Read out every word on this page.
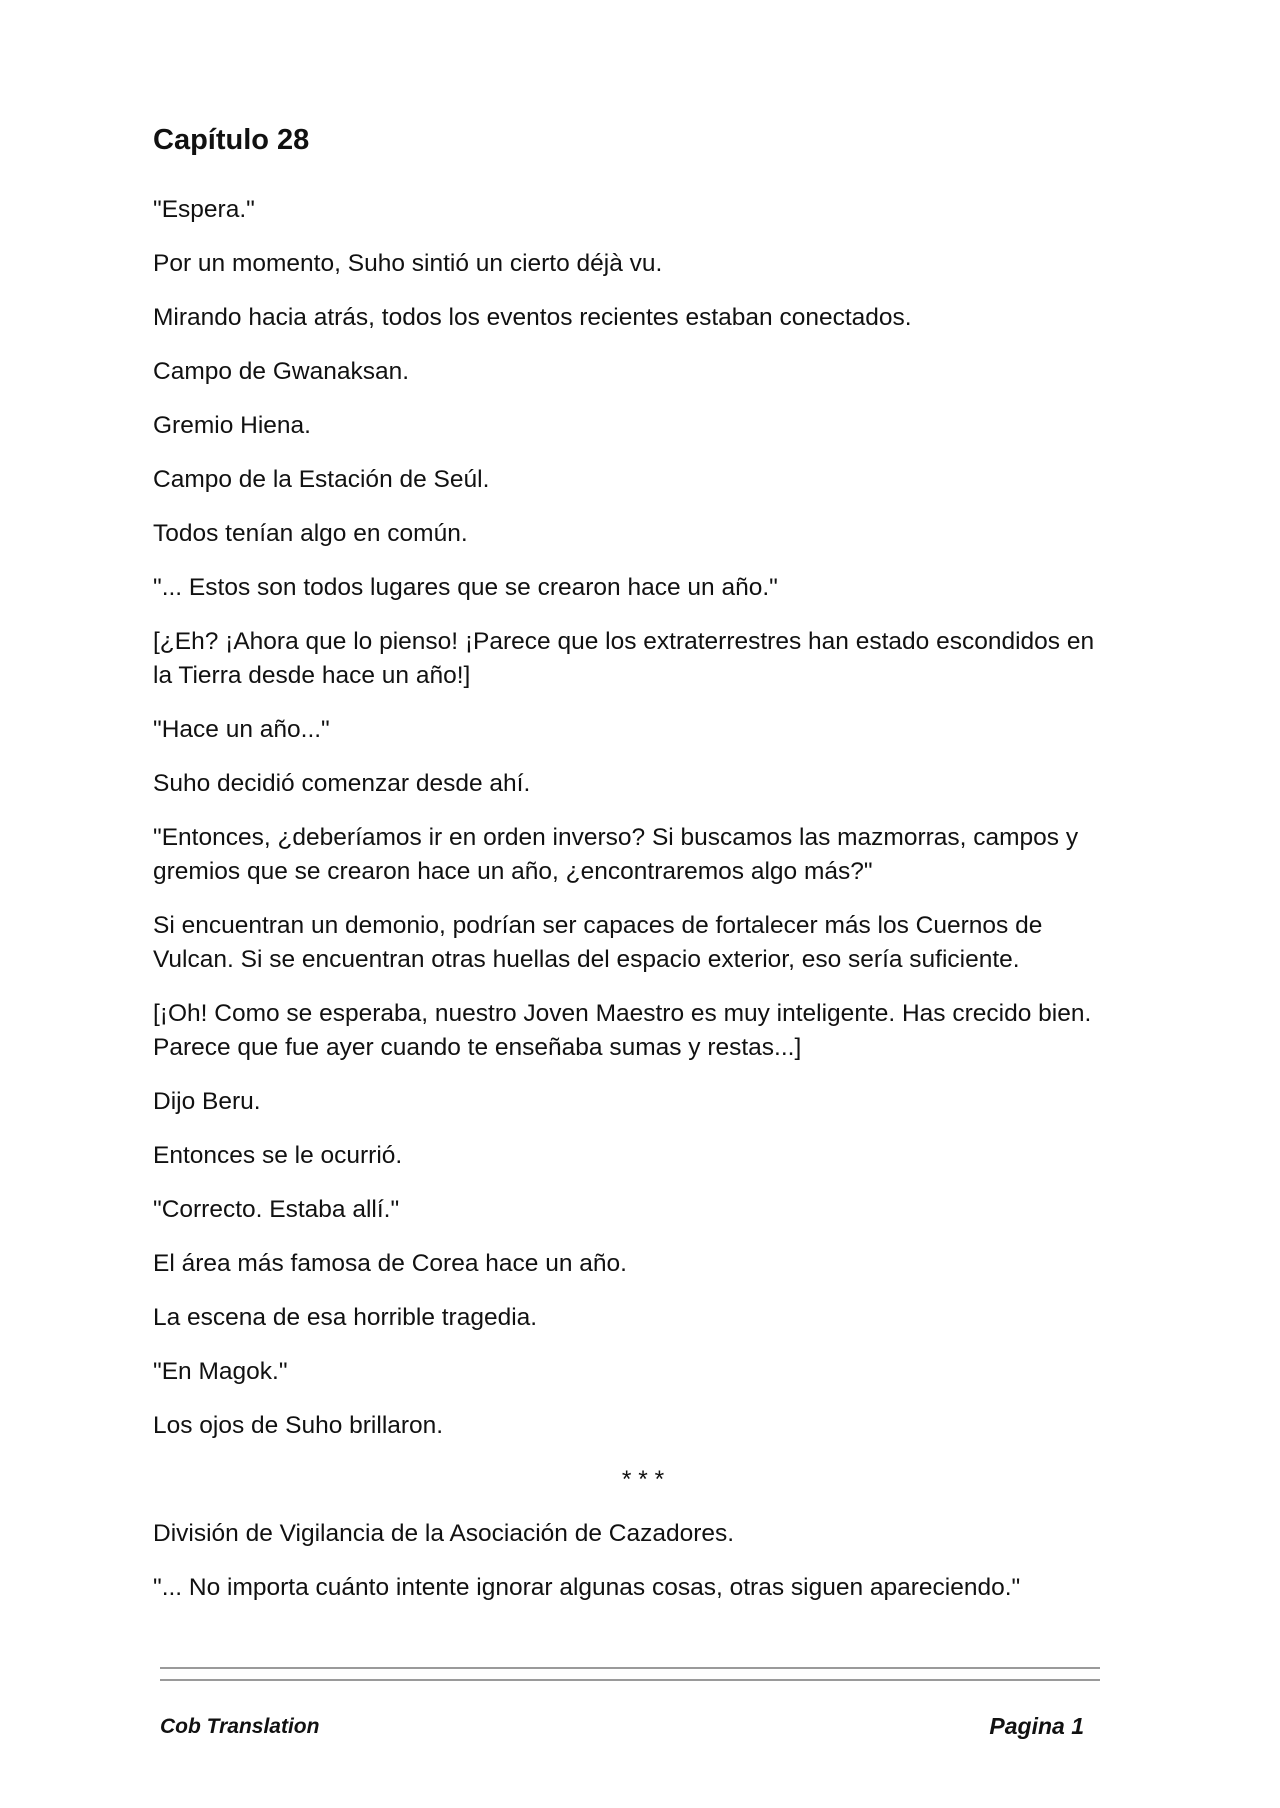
Capítulo 28

"Espera."

Por un momento, Suho sintió un cierto déjà vu.

Mirando hacia atrás, todos los eventos recientes estaban conectados.

Campo de Gwanaksan.

Gremio Hiena.

Campo de la Estación de Seúl.

Todos tenían algo en común.

"... Estos son todos lugares que se crearon hace un año."

[¿Eh? ¡Ahora que lo pienso! ¡Parece que los extraterrestres han estado escondidos en la Tierra desde hace un año!]

"Hace un año..."

Suho decidió comenzar desde ahí.

"Entonces, ¿deberíamos ir en orden inverso? Si buscamos las mazmorras, campos y gremios que se crearon hace un año, ¿encontraremos algo más?"

Si encuentran un demonio, podrían ser capaces de fortalecer más los Cuernos de Vulcan. Si se encuentran otras huellas del espacio exterior, eso sería suficiente.

[¡Oh! Como se esperaba, nuestro Joven Maestro es muy inteligente. Has crecido bien. Parece que fue ayer cuando te enseñaba sumas y restas...]

Dijo Beru.

Entonces se le ocurrió.

"Correcto. Estaba allí."

El área más famosa de Corea hace un año.

La escena de esa horrible tragedia.

"En Magok."

Los ojos de Suho brillaron.

* * *

División de Vigilancia de la Asociación de Cazadores.

"... No importa cuánto intente ignorar algunas cosas, otras siguen apareciendo."

Cob Translation	Pagina 1
